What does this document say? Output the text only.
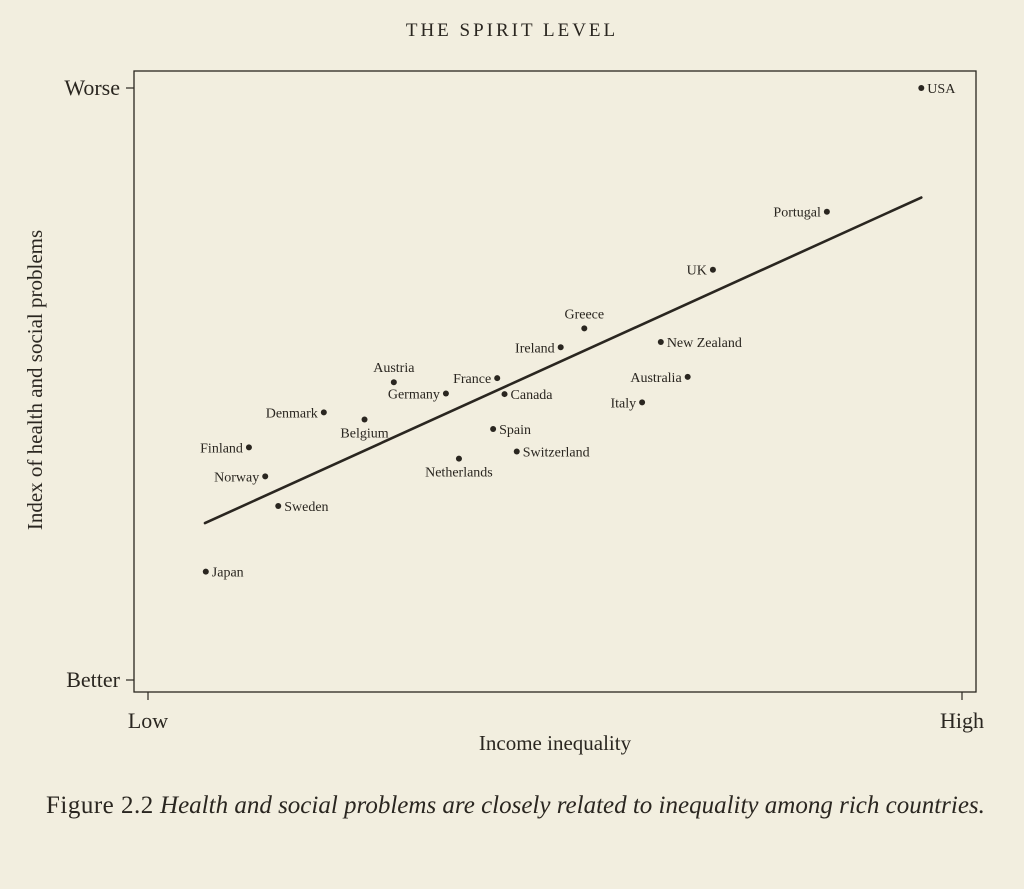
THE SPIRIT LEVEL
Worse
Better
Low	High
Income inequality
Index of health and social problems
USA
Portugal
UK
Greece
Ireland	New Zealand
Australia
France
Canada
Italy
Austria
Germany
Denmark
Belgium	Spain
Switzerland
Netherlands
Finland
Norway
Sweden
Japan

Figure 2.2 Health and social problems are closely related to inequality among rich countries.
